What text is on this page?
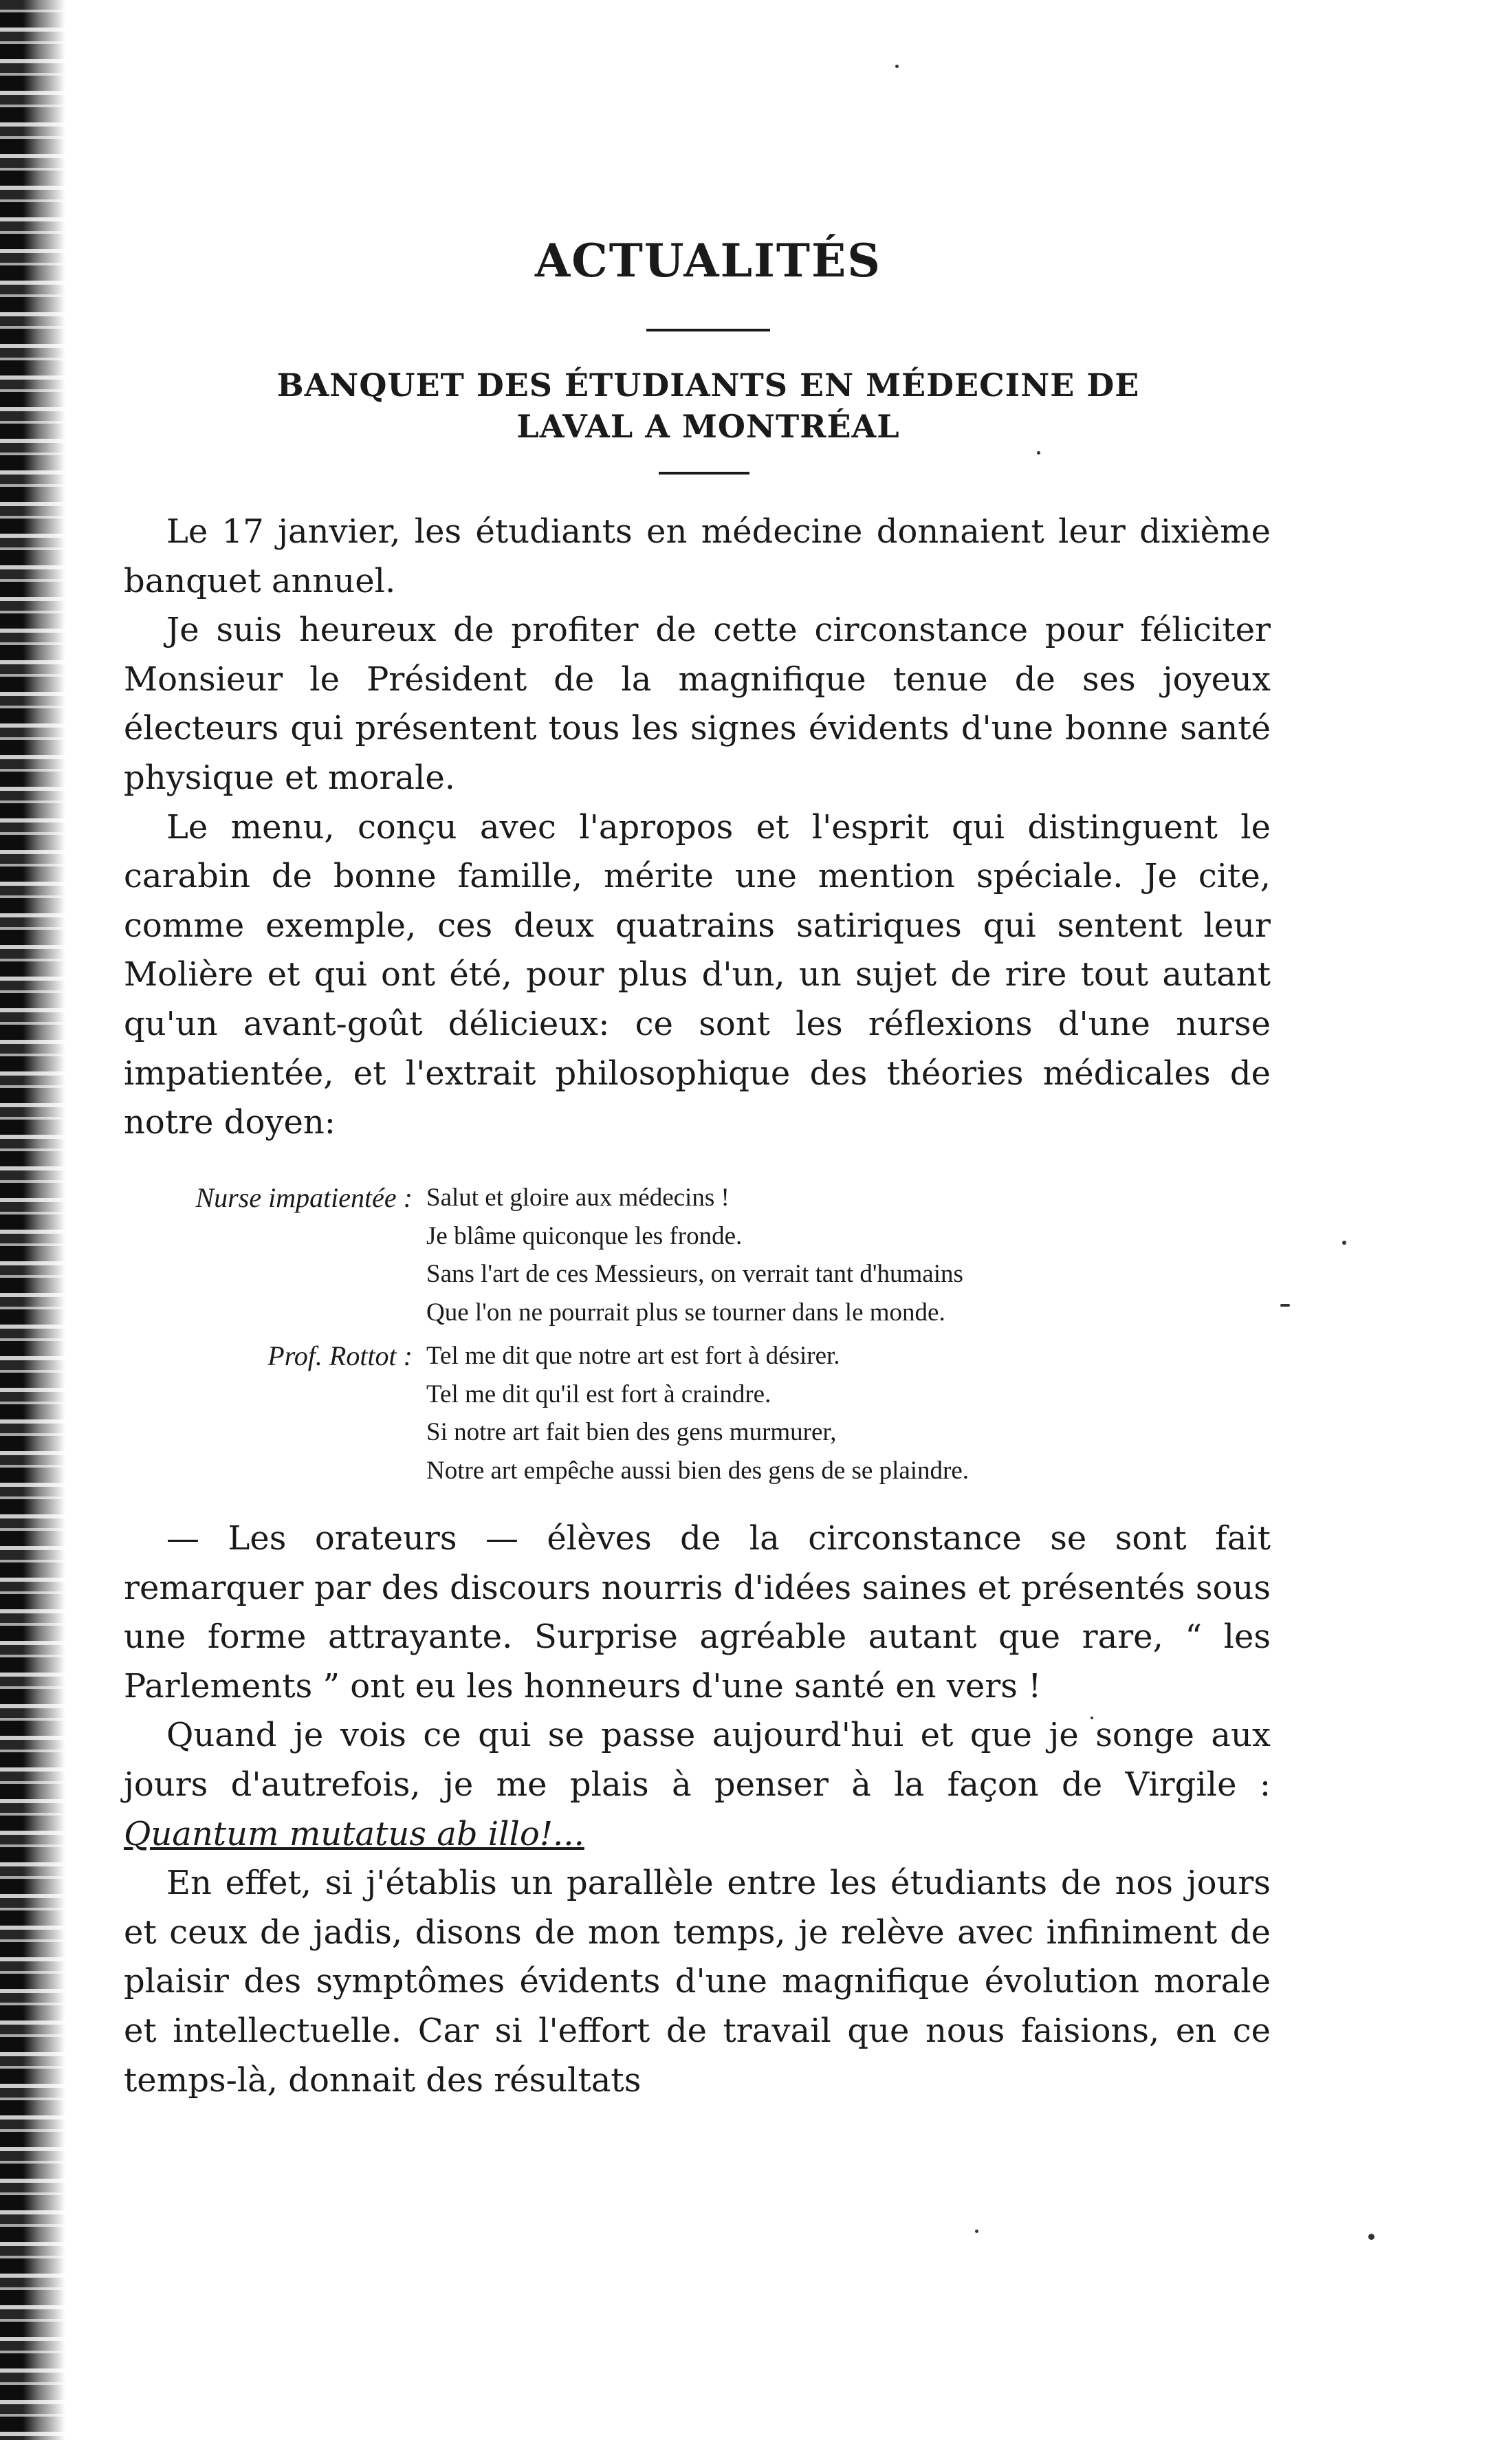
ACTUALITÉS
BANQUET DES ÉTUDIANTS EN MÉDECINE DE
LAVAL A MONTRÉAL

Le 17 janvier, les étudiants en médecine donnaient leur dixième banquet annuel.

Je suis heureux de profiter de cette circonstance pour féliciter Monsieur le Président de la magnifique tenue de ses joyeux électeurs qui présentent tous les signes évidents d'une bonne santé physique et morale.

Le menu, conçu avec l'apropos et l'esprit qui distinguent le carabin de bonne famille, mérite une mention spéciale. Je cite, comme exemple, ces deux quatrains satiriques qui sentent leur Molière et qui ont été, pour plus d'un, un sujet de rire tout autant qu'un avant-goût délicieux: ce sont les réflexions d'une nurse impatientée, et l'extrait philosophique des théories médicales de notre doyen:

Nurse impatientée : Salut et gloire aux médecins !
Je blâme quiconque les fronde.
Sans l'art de ces Messieurs, on verrait tant d'humains
Que l'on ne pourrait plus se tourner dans le monde.
Prof. Rottot : Tel me dit que notre art est fort à désirer.
Tel me dit qu'il est fort à craindre.
Si notre art fait bien des gens murmurer,
Notre art empêche aussi bien des gens de se plaindre.

— Les orateurs — élèves de la circonstance se sont fait remarquer par des discours nourris d'idées saines et présentés sous une forme attrayante. Surprise agréable autant que rare, “ les Parlements ” ont eu les honneurs d'une santé en vers !

Quand je vois ce qui se passe aujourd'hui et que je songe aux jours d'autrefois, je me plais à penser à la façon de Virgile : Quantum mutatus ab illo!...

En effet, si j'établis un parallèle entre les étudiants de nos jours et ceux de jadis, disons de mon temps, je relève avec infiniment de plaisir des symptômes évidents d'une magnifique évolution morale et intellectuelle. Car si l'effort de travail que nous faisions, en ce temps-là, donnait des résultats
